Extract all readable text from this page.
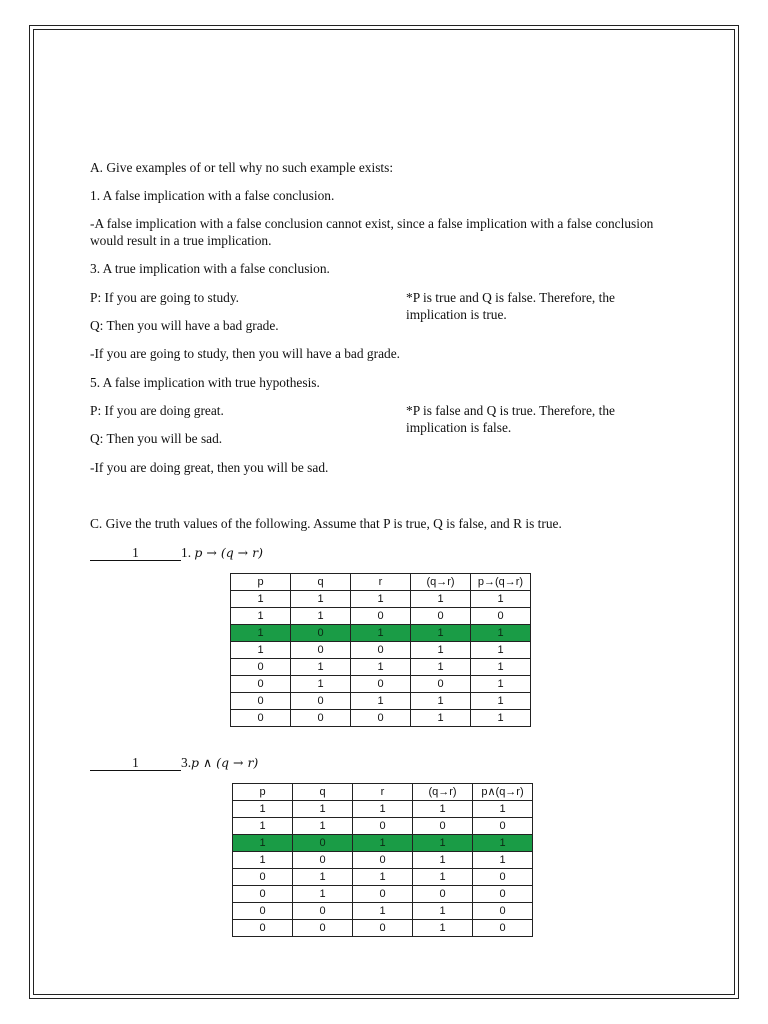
A. Give examples of or tell why no such example exists:
1. A false implication with a false conclusion.
-A false implication with a false conclusion cannot exist, since a false implication with a false conclusion would result in a true implication.
3. A true implication with a false conclusion.
P: If you are going to study.	*P is true and Q is false. Therefore, the implication is true.
Q: Then you will have a bad grade.
-If you are going to study, then you will have a bad grade.
5. A false implication with true hypothesis.
P: If you are doing great.	*P is false and Q is true. Therefore, the implication is false.
Q: Then you will be sad.
-If you are doing great, then you will be sad.
C. Give the truth values of the following. Assume that P is true, Q is false, and R is true.
1	1. p → (q → r)
p	q	r	(q→r)	p→(q→r)
1	1	1	1	1
1	1	0	0	0
1	0	1	1	1
1	0	0	1	1
0	1	1	1	1
0	1	0	0	1
0	0	1	1	1
0	0	0	1	1
1	3.p ∧ (q → r)
p	q	r	(q→r)	p∧(q→r)
1	1	1	1	1
1	1	0	0	0
1	0	1	1	1
1	0	0	1	1
0	1	1	1	0
0	1	0	0	0
0	0	1	1	0
0	0	0	1	0
